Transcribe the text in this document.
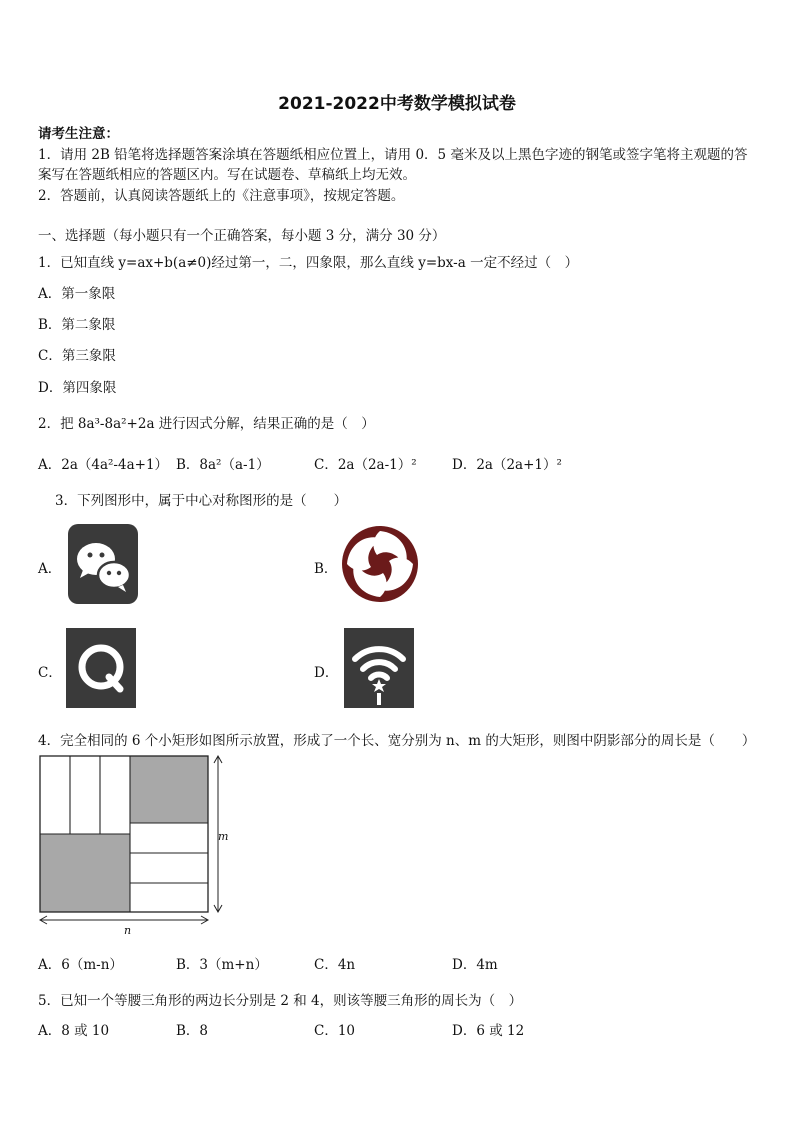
2021-2022中考数学模拟试卷
请考生注意：
1．请用 2B 铅笔将选择题答案涂填在答题纸相应位置上，请用 0．5 毫米及以上黑色字迹的钢笔或签字笔将主观题的答
案写在答题纸相应的答题区内。写在试题卷、草稿纸上均无效。
2．答题前，认真阅读答题纸上的《注意事项》，按规定答题。
一、选择题（每小题只有一个正确答案，每小题 3 分，满分 30 分）
1．已知直线 y=ax+b(a≠0)经过第一，二，四象限，那么直线 y=bx-a 一定不经过（　）
A．第一象限
B．第二象限
C．第三象限
D．第四象限
2．把 8a³-8a²+2a 进行因式分解，结果正确的是（　）
A．2a（4a²-4a+1） B．8a²（a-1）	C．2a（2a-1）²	D．2a（2a+1）²
3．下列图形中，属于中心对称图形的是（　　）
A．	B．
C．	D．
4．完全相同的 6 个小矩形如图所示放置，形成了一个长、宽分别为 n、m 的大矩形，则图中阴影部分的周长是（　　）
m
n
A．6（m-n）	B．3（m+n）	C．4n	D．4m
5．已知一个等腰三角形的两边长分别是 2 和 4，则该等腰三角形的周长为（　）
A．8 或 10	B．8	C．10	D．6 或 12
